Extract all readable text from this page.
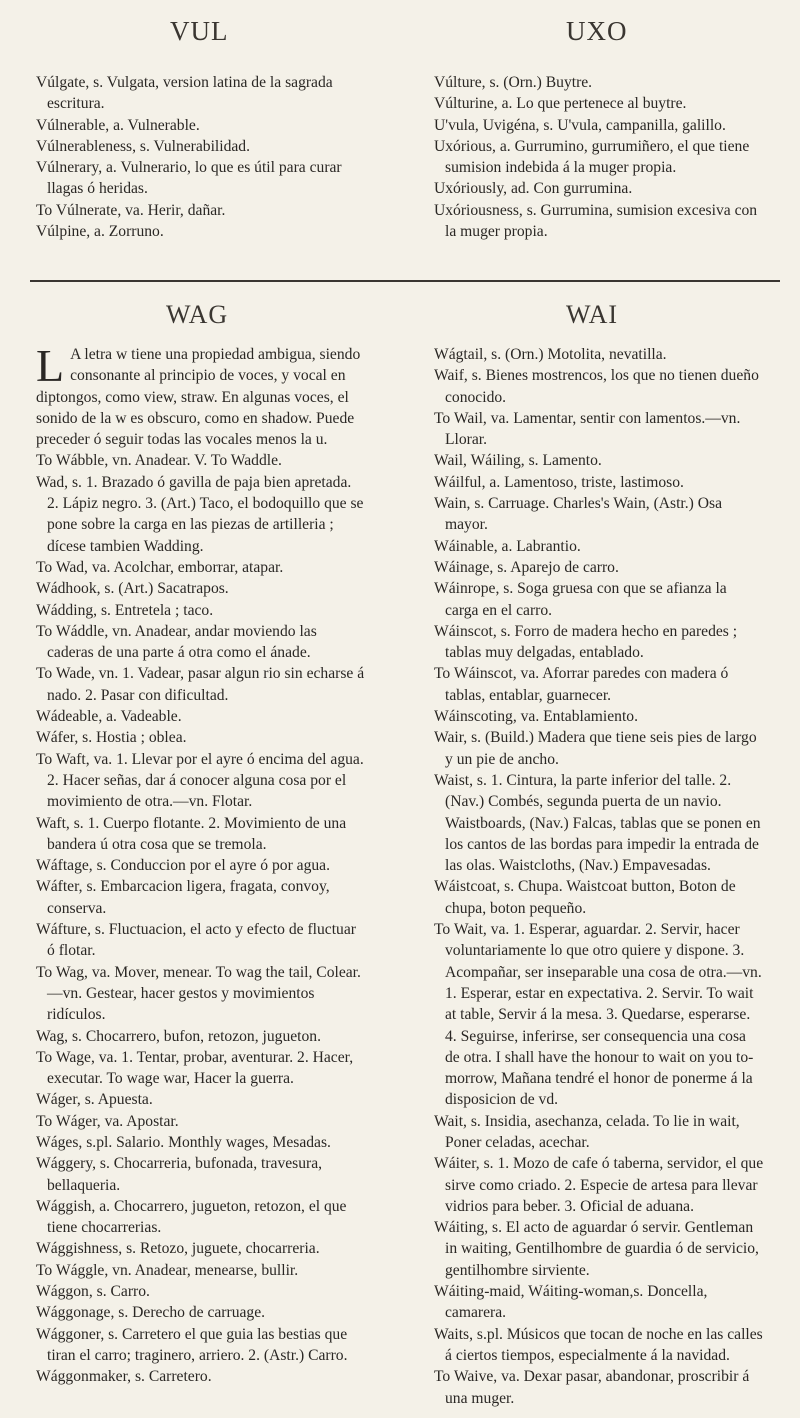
VUL	UXO

Vúlgate, s. Vulgata, version latina de la sagrada escritura.

Vúlnerable, a. Vulnerable.

Vúlnerableness, s. Vulnerabilidad.

Vúlnerary, a. Vulnerario, lo que es útil para curar llagas ó heridas.

To Vúlnerate, va. Herir, dañar.

Vúlpine, a. Zorruno.

Vúlture, s. (Orn.) Buytre.

Vúlturine, a. Lo que pertenece al buytre.

U'vula, Uvigéna, s. U'vula, campanilla, galillo.

Uxórious, a. Gurrumino, gurrumiñero, el que tiene sumision indebida á la muger propia.

Uxóriously, ad. Con gurrumina.

Uxóriousness, s. Gurrumina, sumision excesiva con la muger propia.

WAG	WAI

L A letra w tiene una propiedad ambigua, siendo consonante al principio de voces, y vocal en diptongos, como view, straw. En algunas voces, el sonido de la w es obscuro, como en shadow. Puede preceder ó seguir todas las vocales menos la u.

To Wábble, vn. Anadear. V. To Waddle.

Wad, s. 1. Brazado ó gavilla de paja bien apretada. 2. Lápiz negro. 3. (Art.) Taco, el bodoquillo que se pone sobre la carga en las piezas de artilleria ; dícese tambien Wadding.

To Wad, va. Acolchar, emborrar, atapar.

Wádhook, s. (Art.) Sacatrapos.

Wádding, s. Entretela ; taco.

To Wáddle, vn. Anadear, andar moviendo las caderas de una parte á otra como el ánade.

To Wade, vn. 1. Vadear, pasar algun rio sin echarse á nado. 2. Pasar con dificultad.

Wádeable, a. Vadeable.

Wáfer, s. Hostia ; oblea.

To Waft, va. 1. Llevar por el ayre ó encima del agua. 2. Hacer señas, dar á conocer alguna cosa por el movimiento de otra.—vn. Flotar.

Waft, s. 1. Cuerpo flotante. 2. Movimiento de una bandera ú otra cosa que se tremola.

Wáftage, s. Conduccion por el ayre ó por agua.

Wáfter, s. Embarcacion ligera, fragata, convoy, conserva.

Wáfture, s. Fluctuacion, el acto y efecto de fluctuar ó flotar.

To Wag, va. Mover, menear. To wag the tail, Colear.—vn. Gestear, hacer gestos y movimientos ridículos.

Wag, s. Chocarrero, bufon, retozon, jugueton.

To Wage, va. 1. Tentar, probar, aventurar. 2. Hacer, executar. To wage war, Hacer la guerra.

Wáger, s. Apuesta.

To Wáger, va. Apostar.

Wáges, s.pl. Salario. Monthly wages, Mesadas.

Wággery, s. Chocarreria, bufonada, travesura, bellaqueria.

Wággish, a. Chocarrero, jugueton, retozon, el que tiene chocarrerias.

Wággishness, s. Retozo, juguete, chocarreria.

To Wággle, vn. Anadear, menearse, bullir.

Wággon, s. Carro.

Wággonage, s. Derecho de carruage.

Wággoner, s. Carretero el que guia las bestias que tiran el carro; traginero, arriero. 2. (Astr.) Carro.

Wággonmaker, s. Carretero.

Wágtail, s. (Orn.) Motolita, nevatilla.

Waif, s. Bienes mostrencos, los que no tienen dueño conocido.

To Wail, va. Lamentar, sentir con lamentos.—vn. Llorar.

Wail, Wáiling, s. Lamento.

Wáilful, a. Lamentoso, triste, lastimoso.

Wain, s. Carruage. Charles's Wain, (Astr.) Osa mayor.

Wáinable, a. Labrantio.

Wáinage, s. Aparejo de carro.

Wáinrope, s. Soga gruesa con que se afianza la carga en el carro.

Wáinscot, s. Forro de madera hecho en paredes ; tablas muy delgadas, entablado.

To Wáinscot, va. Aforrar paredes con madera ó tablas, entablar, guarnecer.

Wáinscoting, va. Entablamiento.

Wair, s. (Build.) Madera que tiene seis pies de largo y un pie de ancho.

Waist, s. 1. Cintura, la parte inferior del talle. 2. (Nav.) Combés, segunda puerta de un navio. Waistboards, (Nav.) Falcas, tablas que se ponen en los cantos de las bordas para impedir la entrada de las olas. Waistcloths, (Nav.) Empavesadas.

Wáistcoat, s. Chupa. Waistcoat button, Boton de chupa, boton pequeño.

To Wait, va. 1. Esperar, aguardar. 2. Servir, hacer voluntariamente lo que otro quiere y dispone. 3. Acompañar, ser inseparable una cosa de otra.—vn. 1. Esperar, estar en expectativa. 2. Servir. To wait at table, Servir á la mesa. 3. Quedarse, esperarse. 4. Seguirse, inferirse, ser consequencia una cosa de otra. I shall have the honour to wait on you to-morrow, Mañana tendré el honor de ponerme á la disposicion de vd.

Wait, s. Insidia, asechanza, celada. To lie in wait, Poner celadas, acechar.

Wáiter, s. 1. Mozo de cafe ó taberna, servidor, el que sirve como criado. 2. Especie de artesa para llevar vidrios para beber. 3. Oficial de aduana.

Wáiting, s. El acto de aguardar ó servir. Gentleman in waiting, Gentilhombre de guardia ó de servicio, gentilhombre sirviente.

Wáiting-maid, Wáiting-woman,s. Doncella, camarera.

Waits, s.pl. Músicos que tocan de noche en las calles á ciertos tiempos, especialmente á la navidad.

To Waive, va. Dexar pasar, abandonar, proscribir á una muger.
